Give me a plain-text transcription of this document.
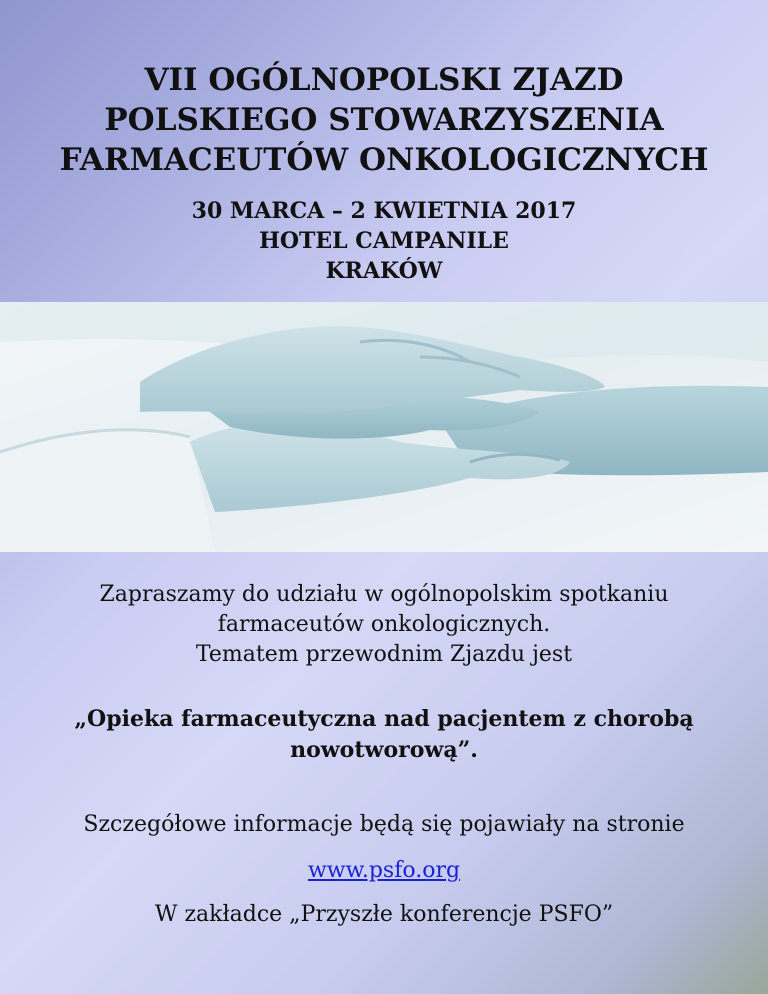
VII OGÓLNOPOLSKI ZJAZD
POLSKIEGO STOWARZYSZENIA
FARMACEUTÓW ONKOLOGICZNYCH
30 MARCA – 2 KWIETNIA 2017
HOTEL CAMPANILE
KRAKÓW

Zapraszamy do udziału w ogólnopolskim spotkaniu
farmaceutów onkologicznych.
Tematem przewodnim Zjazdu jest

„Opieka farmaceutyczna nad pacjentem z chorobą nowotworową”.

Szczegółowe informacje będą się pojawiały na stronie

www.psfo.org

W zakładce „Przyszłe konferencje PSFO”
